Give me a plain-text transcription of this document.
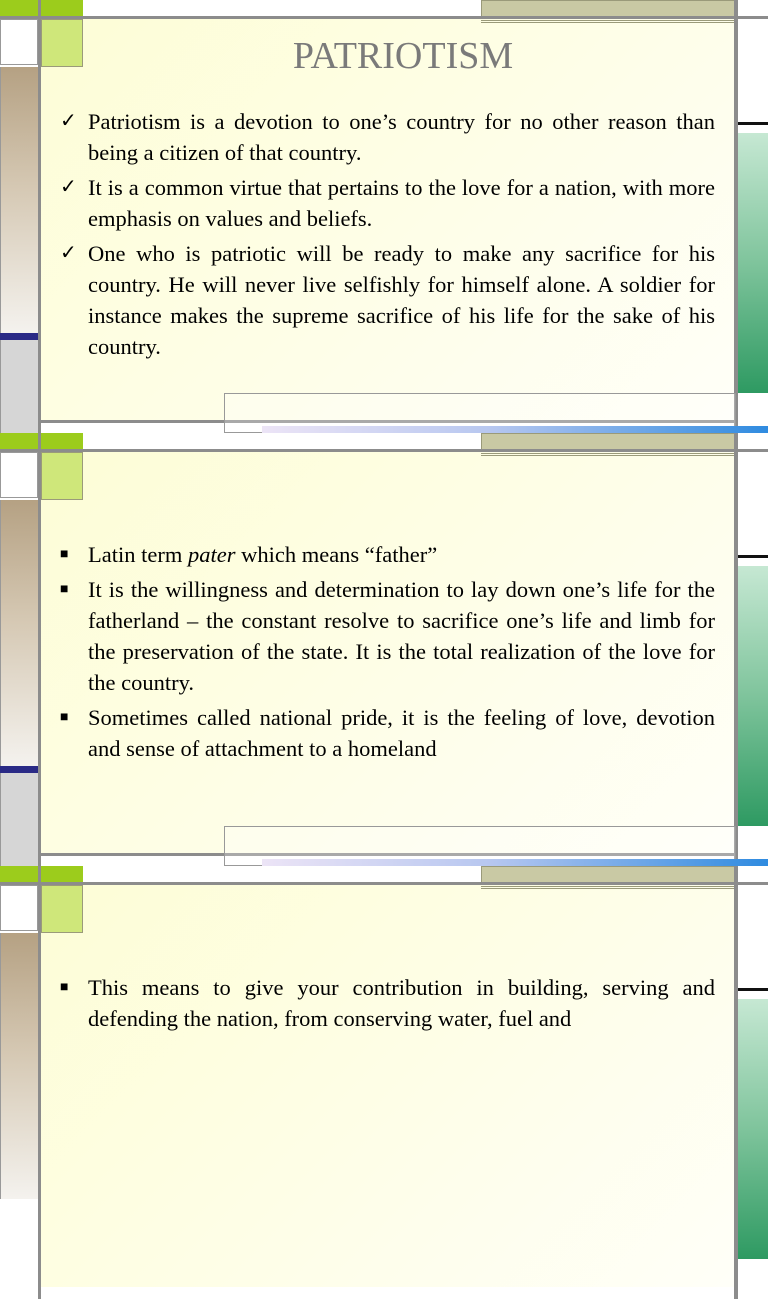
PATRIOTISM
✓ Patriotism is a devotion to one’s country for no other reason than being a citizen of that country.
✓ It is a common virtue that pertains to the love for a nation, with more emphasis on values and beliefs.
✓ One who is patriotic will be ready to make any sacrifice for his country. He will never live selfishly for himself alone. A soldier for instance makes the supreme sacrifice of his life for the sake of his country.
■ Latin term pater which means “father”
■ It is the willingness and determination to lay down one’s life for the fatherland – the constant resolve to sacrifice one’s life and limb for the preservation of the state. It is the total realization of the love for the country.
■ Sometimes called national pride, it is the feeling of love, devotion and sense of attachment to a homeland
■ This means to give your contribution in building, serving and defending the nation, from conserving water, fuel and
